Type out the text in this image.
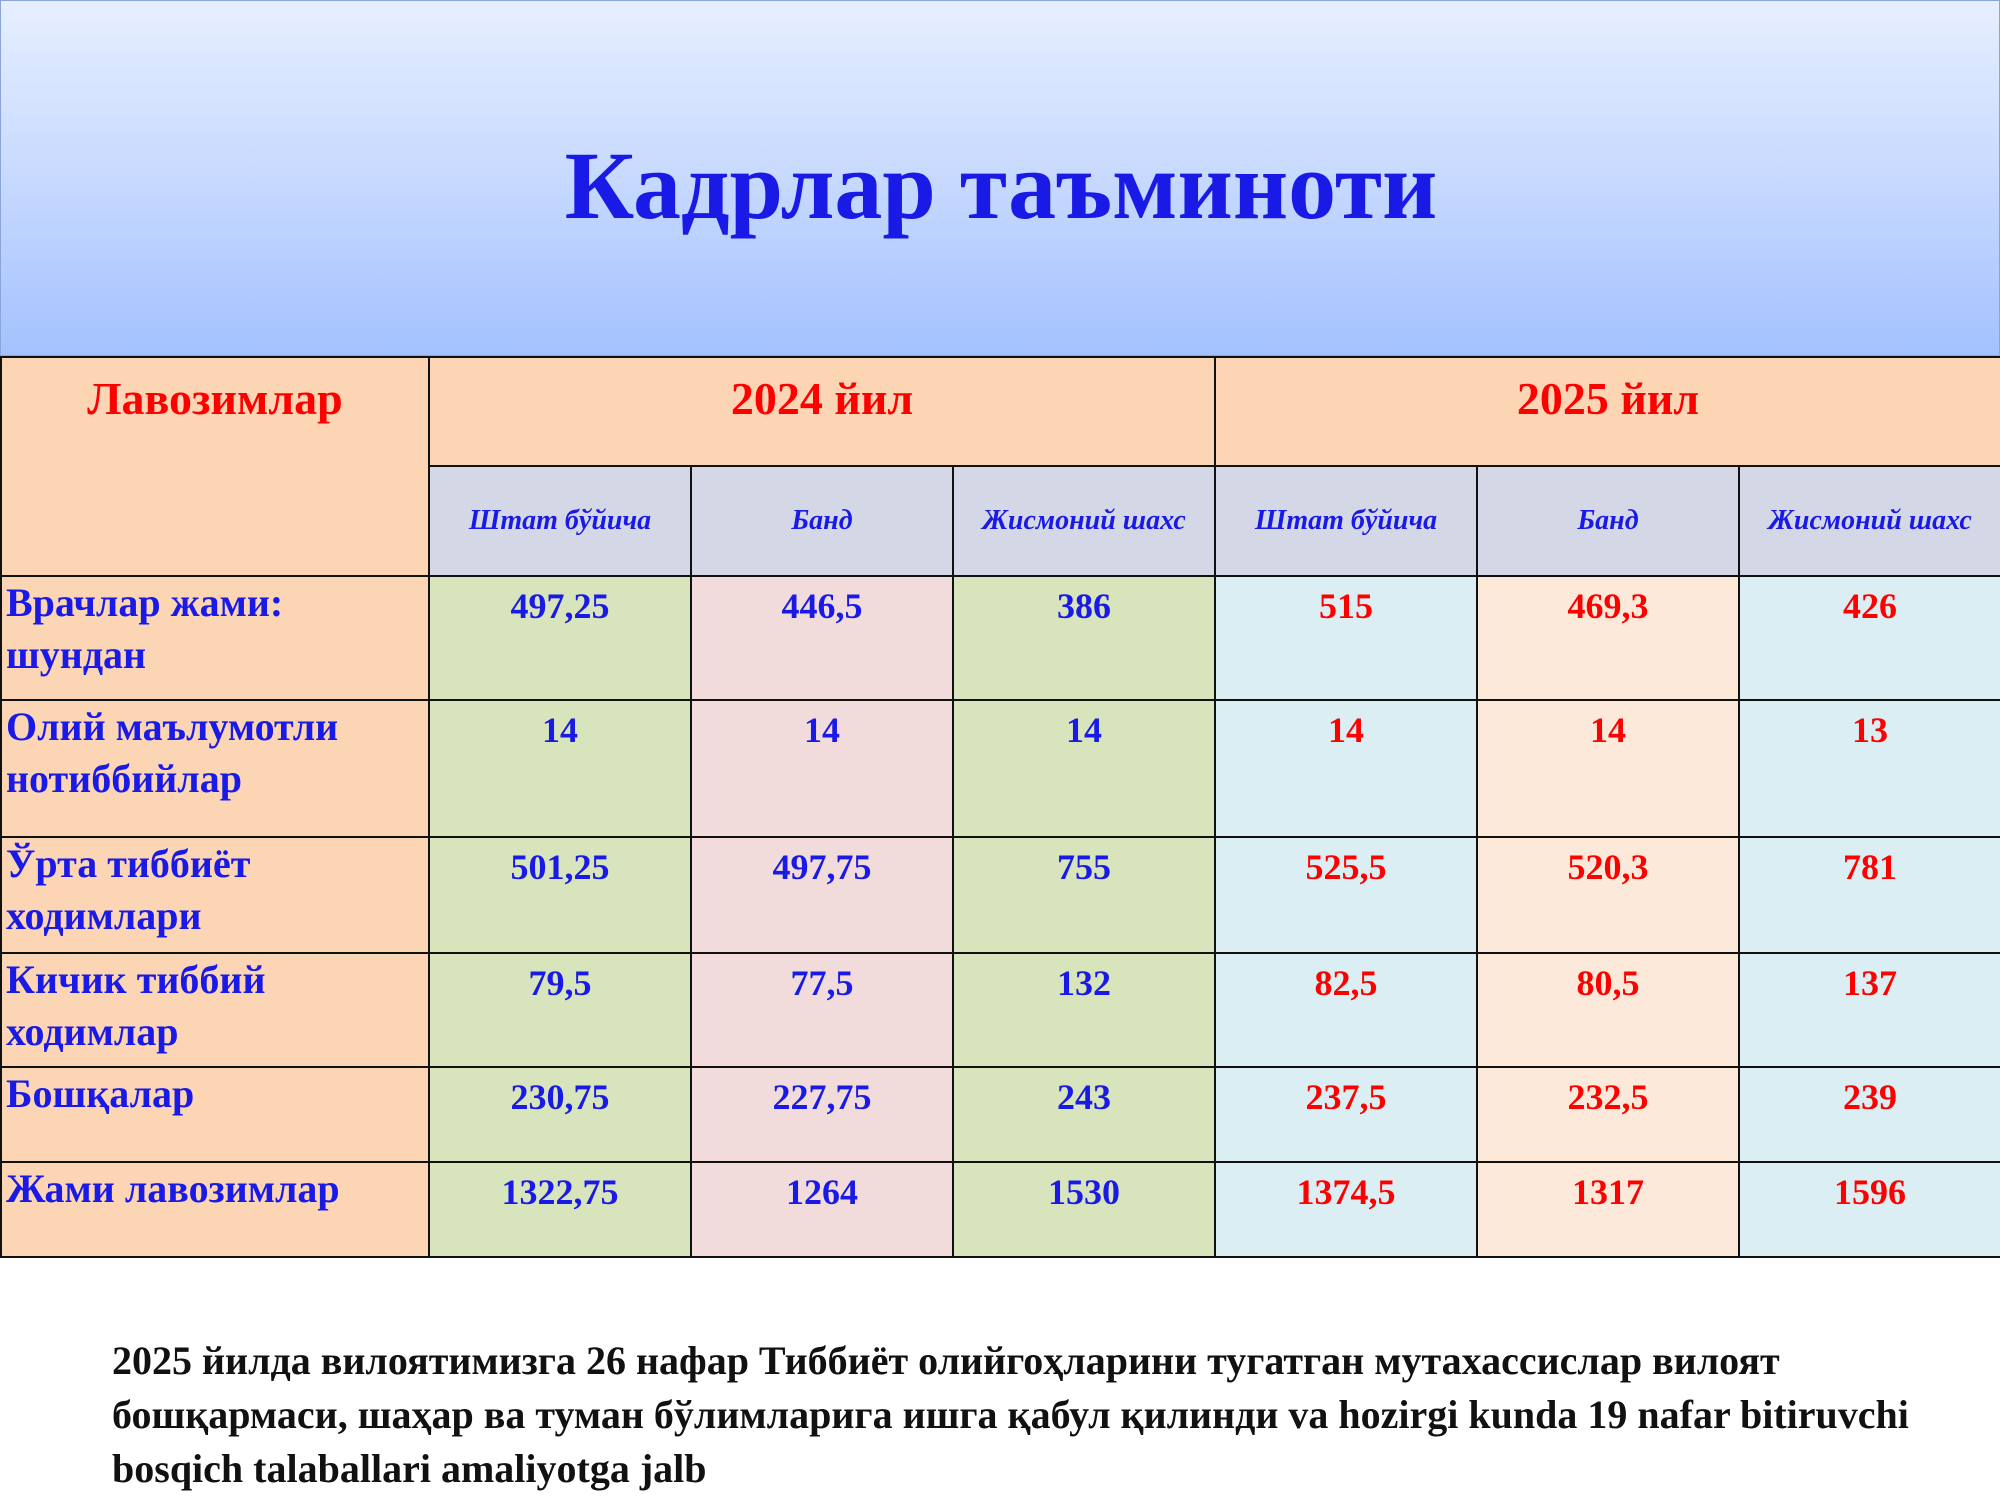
Кадрлар таъминоти
Лавозимлар	2024 йил			2025 йил		
	Штат бўйича	Банд	Жисмоний шахс	Штат бўйича	Банд	Жисмоний шахс
Врачлар жами: шундан	497,25	446,5	386	515	469,3	426
Олий маълумотли нотиббийлар	14	14	14	14	14	13
Ўрта тиббиёт ходимлари	501,25	497,75	755	525,5	520,3	781
Кичик тиббий ходимлар	79,5	77,5	132	82,5	80,5	137
Бошқалар	230,75	227,75	243	237,5	232,5	239
Жами лавозимлар	1322,75	1264	1530	1374,5	1317	1596

2025 йилда вилоятимизга 26 нафар Тиббиёт олийгоҳларини тугатган мутахассислар вилоят бошқармаси, шаҳар ва туман бўлимларига ишга қабул қилинди va hozirgi kunda 19 nafar bitiruvchi bosqich talaballari amaliyotga jalb
